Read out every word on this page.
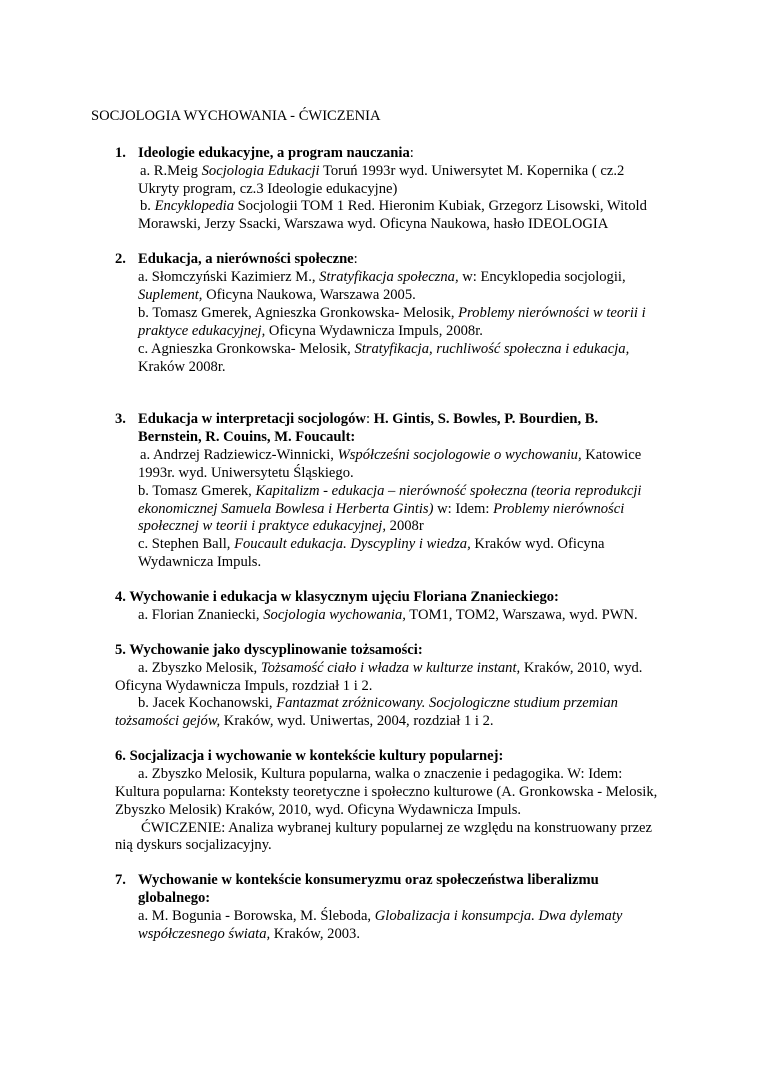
SOCJOLOGIA WYCHOWANIA - ĆWICZENIA
1. Ideologie edukacyjne, a program nauczania:
a. R.Meig Socjologia Edukacji Toruń 1993r wyd. Uniwersytet M. Kopernika ( cz.2
Ukryty program, cz.3 Ideologie edukacyjne)
b. Encyklopedia Socjologii TOM 1 Red. Hieronim Kubiak, Grzegorz Lisowski, Witold
Morawski, Jerzy Ssacki, Warszawa wyd. Oficyna Naukowa, hasło IDEOLOGIA
2. Edukacja, a nierówności społeczne:
a. Słomczyński Kazimierz M., Stratyfikacja społeczna, w: Encyklopedia socjologii,
Suplement, Oficyna Naukowa, Warszawa 2005.
b. Tomasz Gmerek, Agnieszka Gronkowska- Melosik, Problemy nierówności w teorii i
praktyce edukacyjnej, Oficyna Wydawnicza Impuls, 2008r.
c. Agnieszka Gronkowska- Melosik, Stratyfikacja, ruchliwość społeczna i edukacja,
Kraków 2008r.
3. Edukacja w interpretacji socjologów: H. Gintis, S. Bowles, P. Bourdien, B.
Bernstein, R. Couins, M. Foucault:
a. Andrzej Radziewicz-Winnicki, Współcześni socjologowie o wychowaniu, Katowice
1993r. wyd. Uniwersytetu Śląskiego.
b. Tomasz Gmerek, Kapitalizm - edukacja – nierówność społeczna (teoria reprodukcji
ekonomicznej Samuela Bowlesa i Herberta Gintis) w: Idem: Problemy nierówności
społecznej w teorii i praktyce edukacyjnej, 2008r
c. Stephen Ball, Foucault edukacja. Dyscypliny i wiedza, Kraków wyd. Oficyna
Wydawnicza Impuls.
4. Wychowanie i edukacja w klasycznym ujęciu Floriana Znanieckiego:
a. Florian Znaniecki, Socjologia wychowania, TOM1, TOM2, Warszawa, wyd. PWN.
5. Wychowanie jako dyscyplinowanie tożsamości:
a. Zbyszko Melosik, Tożsamość ciało i władza w kulturze instant, Kraków, 2010, wyd.
Oficyna Wydawnicza Impuls, rozdział 1 i 2.
b. Jacek Kochanowski, Fantazmat zróżnicowany. Socjologiczne studium przemian
tożsamości gejów, Kraków, wyd. Uniwertas, 2004, rozdział 1 i 2.
6. Socjalizacja i wychowanie w kontekście kultury popularnej:
a. Zbyszko Melosik, Kultura popularna, walka o znaczenie i pedagogika. W: Idem:
Kultura popularna: Konteksty teoretyczne i społeczno kulturowe (A. Gronkowska - Melosik,
Zbyszko Melosik) Kraków, 2010, wyd. Oficyna Wydawnicza Impuls.
ĆWICZENIE: Analiza wybranej kultury popularnej ze względu na konstruowany przez
nią dyskurs socjalizacyjny.
7. Wychowanie w kontekście konsumeryzmu oraz społeczeństwa liberalizmu
globalnego:
a. M. Bogunia - Borowska, M. Śleboda, Globalizacja i konsumpcja. Dwa dylematy
współczesnego świata, Kraków, 2003.
